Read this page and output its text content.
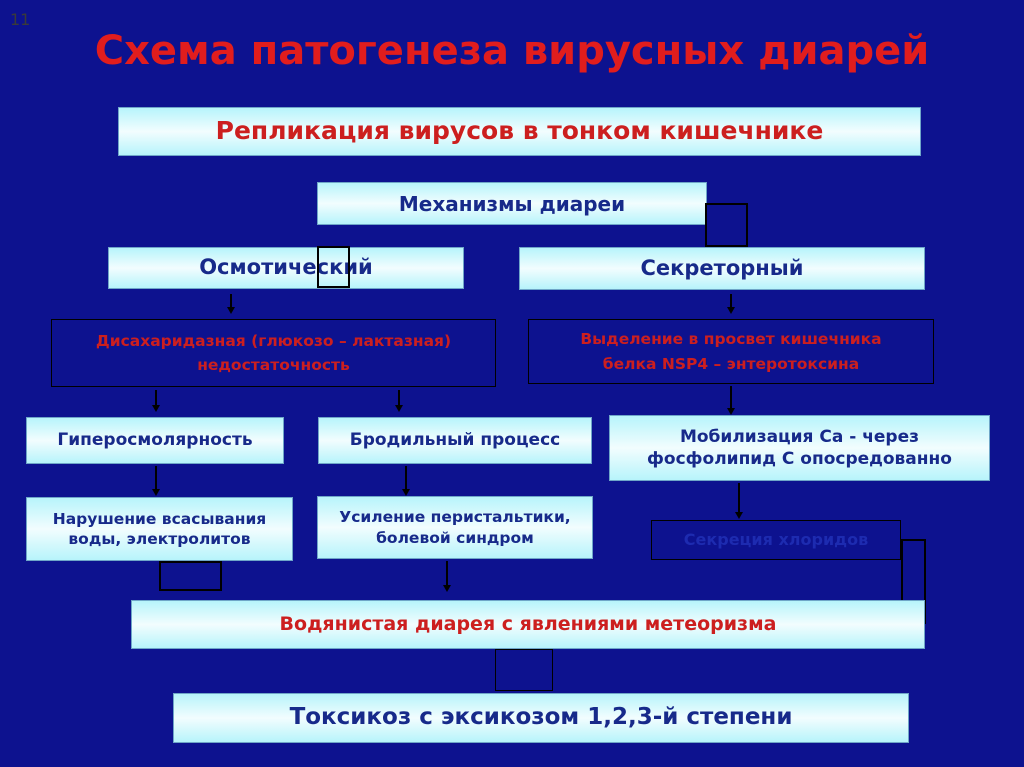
11
Схема патогенеза вирусных диарей
Репликация вирусов в тонком кишечнике
Механизмы диареи
Осмотический	Секреторный
Дисахаридазная (глюкозо – лактазная)
недостаточность
Выделение в просвет кишечника
белка NSP4 – энтеротоксина
Гиперосмолярность	Бродильный процесс	Мобилизация Са - через
фосфолипид С опосредованно
Нарушение всасывания
воды, электролитов
Усиление перистальтики,
болевой синдром	Секреция хлоридов
Водянистая диарея с явлениями метеоризма
Токсикоз с эксикозом 1,2,3-й степени
